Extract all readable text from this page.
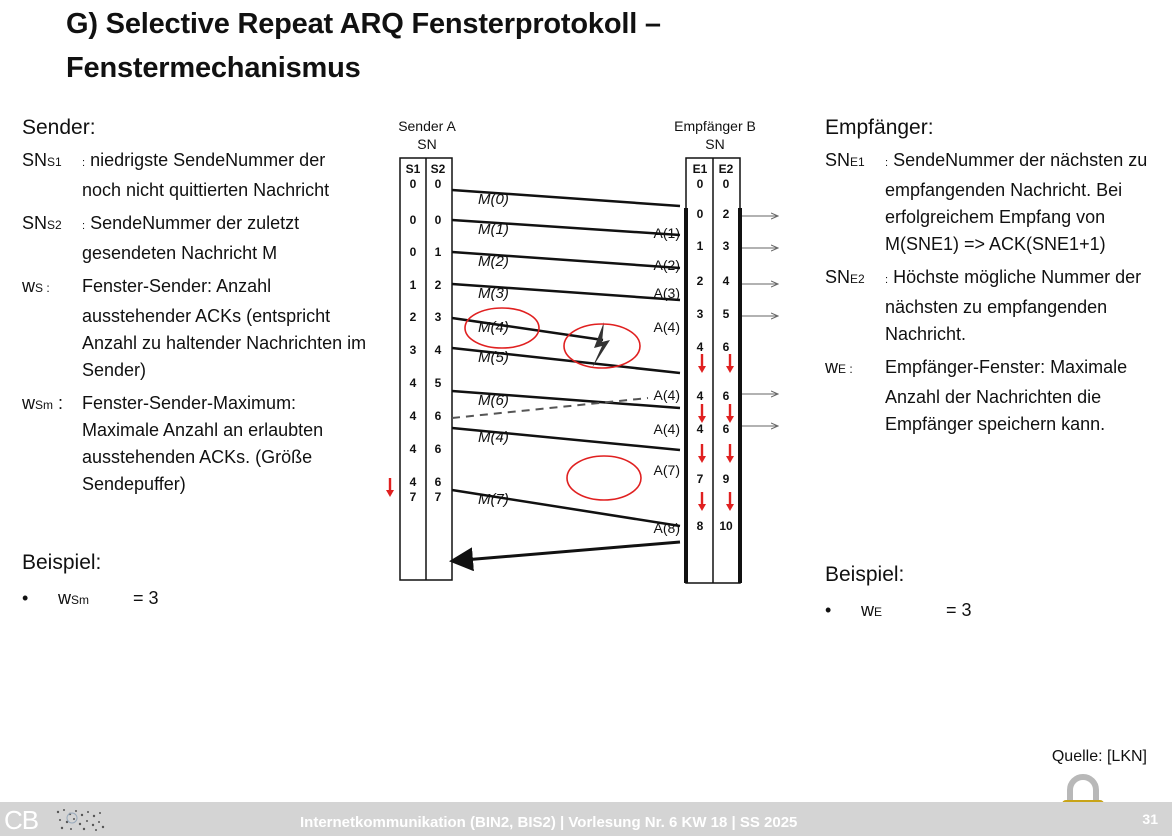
G) Selective Repeat ARQ Fensterprotokoll – Fenstermechanismus
Sender:
SNS1	: niedrigste SendeNummer der noch nicht quittierten Nachricht
SNS2	: SendeNummer der zuletzt gesendeten Nachricht M
wS :	Fenster-Sender: Anzahl ausstehender ACKs (entspricht Anzahl zu haltender Nachrichten im Sender)
wSm :	Fenster-Sender-Maximum: Maximale Anzahl an erlaubten ausstehenden ACKs. (Größe Sendepuffer)
Beispiel:
• wSm = 3
Empfänger:
SNE1	: SendeNummer der nächsten zu empfangenden Nachricht. Bei erfolgreichem Empfang von M(SNE1) => ACK(SNE1+1)
SNE2	: Höchste mögliche Nummer der nächsten zu empfangenden Nachricht.
wE :	Empfänger-Fenster: Maximale Anzahl der Nachrichten die Empfänger speichern kann.
Beispiel:
• wE	= 3
Sender A
SN
Empfänger B
SN
S1 S2
0 0
0 0
0 1
1 2
2 3
3 4
4 5
4 6
4 6
4 6
7 7
E1 E2
0 0
0 2
1 3
2 4
3 5
4 6
4 6
4 6
7 9
8 10
M(0)
M(1)
M(2)
M(3)
M(4)
M(5)
M(6)
M(4)
M(7)
A(1)
A(2)
A(3)
A(4)
A(4)
A(4)
A(7)
A(8)
Quelle: [LKN]
CB	Internetkommunikation (BIN2, BIS2) | Vorlesung Nr. 6 KW 18 | SS 2025	31
